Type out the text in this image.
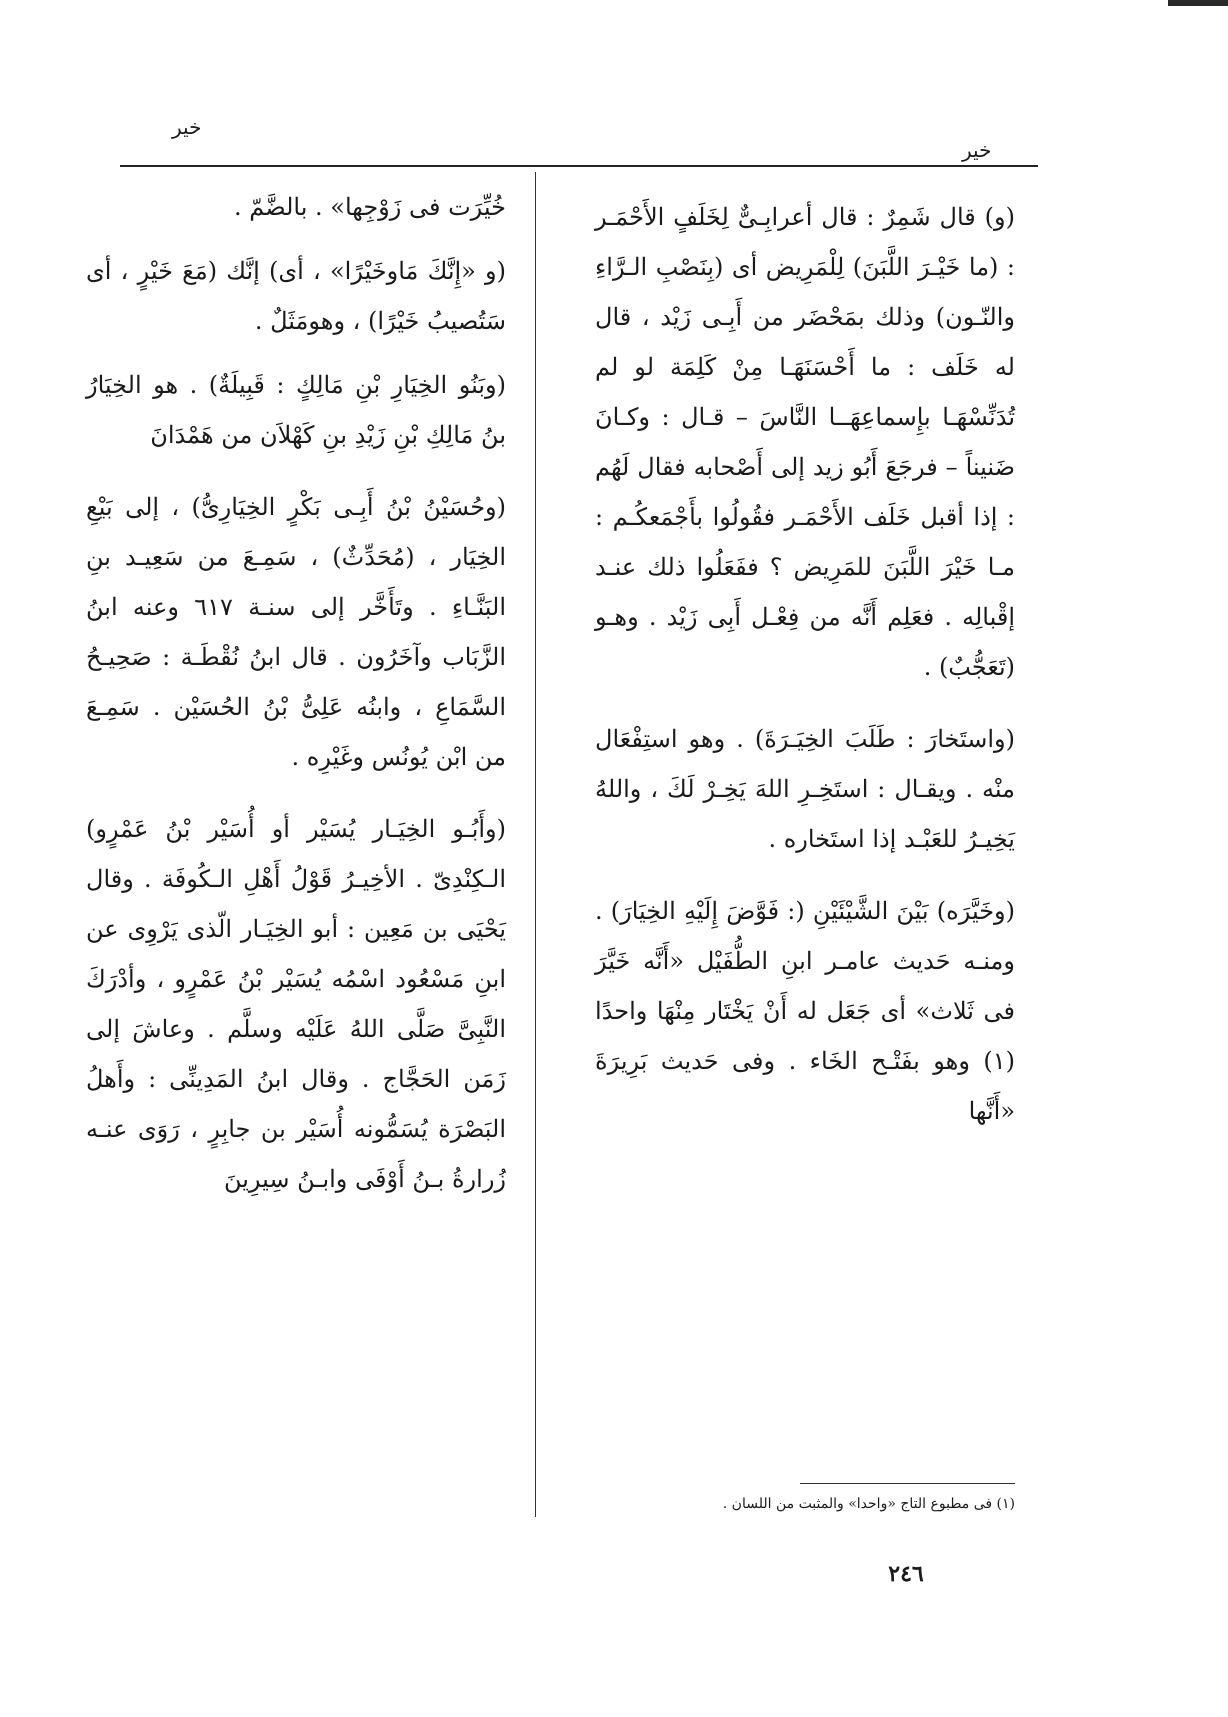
خير
خير

(و) قال شَمِرٌ : قال أعرابِـىٌّ لِخَلَفٍ الأَحْمَـر : (ما خَيْـرَ اللَّبَنَ) لِلْمَرِيض أى (بِنَصْبِ الـرَّاءِ والنّـون) وذلك بمَحْضَر من أَبِـى زَيْد ، قال له خَلَف : ما أَحْسَنَهَـا مِنْ كَلِمَة لو لم تُدَنِّسْهَـا بإِسماعِهَــا النَّاسَ – قـال : وكـانَ ضَنيناً – فرجَعَ أَبُو زيد إلى أَصْحابه فقال لَهُم : إذا أقبل خَلَف الأَحْمَـر فقُولُوا بأَجْمَعكُـم : مـا خَيْرَ اللَّبَنَ للمَرِيض ؟ ففَعَلُوا ذلك عنـد إقْبالِه . فعَلِم أَنَّه من فِعْـل أَبِى زَيْد . وهـو (تَعَجُّبٌ) .

(واستَخارَ : طَلَبَ الخِيَـرَةَ) . وهو استِفْعَال منْه . ويقـال : استَخِـرِ اللهَ يَخِـرْ لَكَ ، واللهُ يَخِيـرُ للعَبْـد إذا استَخاره .

(وخَيَّرَه) بَيْنَ الشَّيْئَيْنِ (: فَوَّضَ إِلَيْهِ الخِيَارَ) . ومنـه حَديث عامـر ابنِ الطُّفَيْل «أَنَّه خَيَّرَ فى ثَلاث» أى جَعَل له أَنْ يَخْتَار مِنْهَا واحدًا (١) وهو بفَتْـح الخَاء . وفى حَديث بَرِيرَةَ «أَنَّها

خُيِّرَت فى زَوْجِها» . بالضَّمّ .

(و «إِنَّكَ مَاوخَيْرًا» ، أى) إنَّك (مَعَ خَيْرٍ ، أى سَتُصيبُ خَيْرًا) ، وهومَثَلٌ .

(وبَنُو الخِيَارِ بْنِ مَالِكٍ : قَبِيلَةٌ) . هو الخِيَارُ بنُ مَالِكِ بْنِ زَيْدِ بنِ كَهْلاَن من هَمْدَانَ

(وحُسَيْنُ بْنُ أَبِـى بَكْرٍ الخِيَارِىُّ) ، إلى بَيْعِ الخِيَار ، (مُحَدِّثٌ) ، سَمِـعَ من سَعِيـد بنِ البَنَّـاءِ . وتَأَخَّر إلى سنـة ٦١٧ وعنه ابنُ الزَّبَاب وآخَرُون . قال ابنُ نُقْطَـة : صَحِيـحُ السَّمَاعِ ، وابنُه عَلِىُّ بْنُ الحُسَيْن . سَمِـعَ من ابْن يُونُس وغَيْرِه .

(وأَبُـو الخِيَـار يُسَيْر أو أُسَيْر بْنُ عَمْرٍو) الـكِنْدِىّ . الأخِيـرُ قَوْلُ أَهْلِ الـكُوفَة . وقال يَحْيَى بن مَعِين : أبو الخِيَـار الّذى يَرْوِى عن ابنِ مَسْعُود اسْمُه يُسَيْر بْنُ عَمْرٍو ، وأدْرَكَ النَّبِىَّ صَلَّى اللهُ عَلَيْه وسلَّم . وعاشَ إلى زَمَن الحَجَّاج . وقال ابنُ المَدِينِّى : وأَهلُ البَصْرَة يُسَمُّونه أُسَيْر بن جابِرٍ ، رَوَى عنـه زُرارةُ بـنُ أَوْفَى وابـنُ سِيرِينَ

(١) فى مطبوع التاج «واحدا» والمثبت من اللسان .
٢٤٦
